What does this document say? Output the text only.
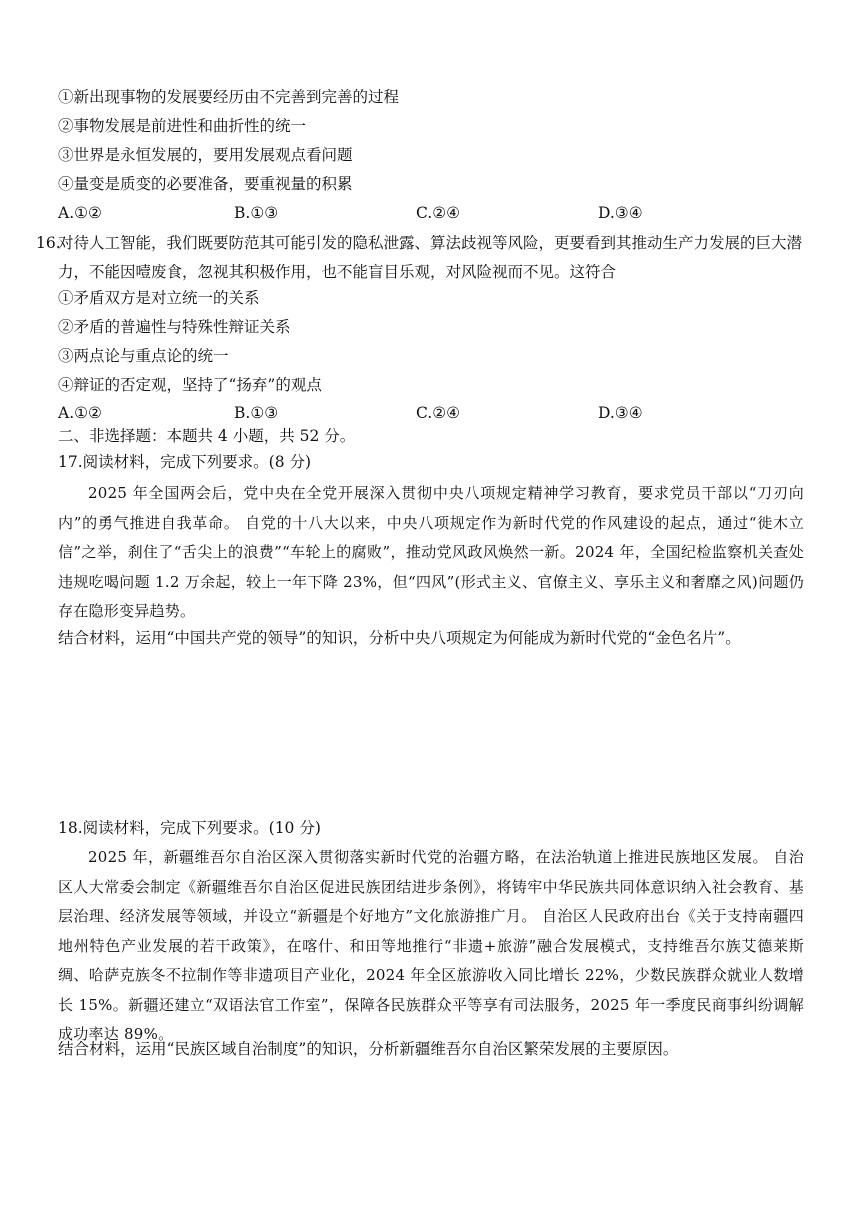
①新出现事物的发展要经历由不完善到完善的过程
②事物发展是前进性和曲折性的统一
③世界是永恒发展的，要用发展观点看问题
④量变是质变的必要准备，要重视量的积累
A.①②	B.①③	C.②④	D.③④
16.
对待人工智能，我们既要防范其可能引发的隐私泄露、算法歧视等风险，更要看到其推动生产力发展的巨大潜力，不能因噎废食，忽视其积极作用，也不能盲目乐观，对风险视而不见。这符合
①矛盾双方是对立统一的关系
②矛盾的普遍性与特殊性辩证关系
③两点论与重点论的统一
④辩证的否定观，坚持了“扬弃”的观点
A.①②	B.①③	C.②④	D.③④
二、非选择题：本题共 4 小题，共 52 分。
17.阅读材料，完成下列要求。(8 分)
2025 年全国两会后，党中央在全党开展深入贯彻中央八项规定精神学习教育，要求党员干部以“刀刃向内”的勇气推进自我革命。 自党的十八大以来，中央八项规定作为新时代党的作风建设的起点，通过“徙木立信”之举，刹住了“舌尖上的浪费”“车轮上的腐败”，推动党风政风焕然一新。2024 年，全国纪检监察机关查处违规吃喝问题 1.2 万余起，较上一年下降 23%，但“四风”(形式主义、官僚主义、享乐主义和奢靡之风)问题仍存在隐形变异趋势。
结合材料，运用“中国共产党的领导”的知识，分析中央八项规定为何能成为新时代党的“金色名片”。
18.阅读材料，完成下列要求。(10 分)
2025 年，新疆维吾尔自治区深入贯彻落实新时代党的治疆方略，在法治轨道上推进民族地区发展。 自治区人大常委会制定《新疆维吾尔自治区促进民族团结进步条例》，将铸牢中华民族共同体意识纳入社会教育、基层治理、经济发展等领域，并设立“新疆是个好地方”文化旅游推广月。 自治区人民政府出台《关于支持南疆四地州特色产业发展的若干政策》，在喀什、和田等地推行“非遗+旅游”融合发展模式，支持维吾尔族艾德莱斯绸、哈萨克族冬不拉制作等非遗项目产业化，2024 年全区旅游收入同比增长 22%，少数民族群众就业人数增长 15%。新疆还建立“双语法官工作室”，保障各民族群众平等享有司法服务，2025 年一季度民商事纠纷调解成功率达 89%。
结合材料，运用“民族区域自治制度”的知识，分析新疆维吾尔自治区繁荣发展的主要原因。
